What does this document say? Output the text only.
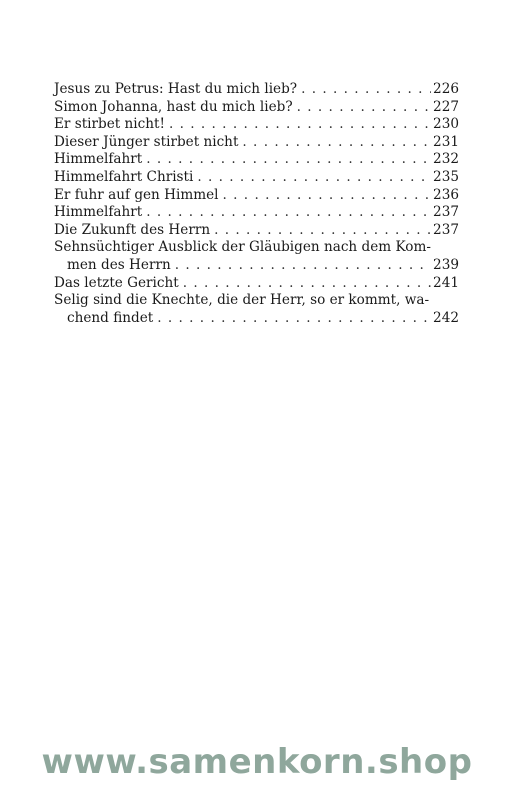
Jesus zu Petrus: Hast du mich lieb? . . .	226
Simon Johanna, hast du mich lieb? . . .	227
Er stirbet nicht! . . .	230
Dieser Jünger stirbet nicht . . .	231
Himmelfahrt . . .	232
Himmelfahrt Christi . . .	235
Er fuhr auf gen Himmel . . .	236
Himmelfahrt . . .	237
Die Zukunft des Herrn . . .	237
Sehnsüchtiger Ausblick der Gläubigen nach dem Kom-
men des Herrn . . .	239
Das letzte Gericht . . .	241
Selig sind die Knechte, die der Herr, so er kommt, wa-
chend findet . . .	242
www.samenkorn.shop
